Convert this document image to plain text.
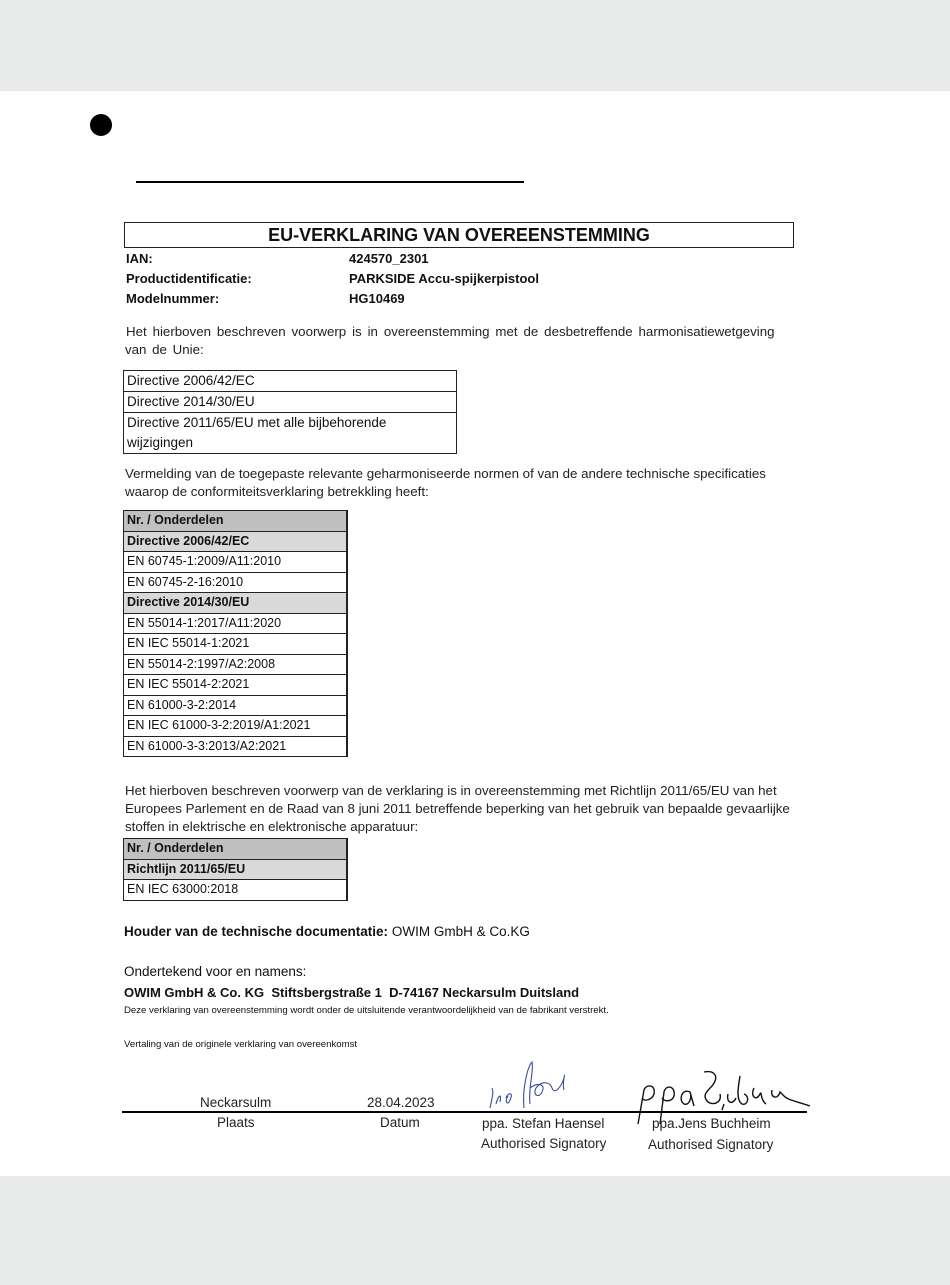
EU-VERKLARING VAN OVEREENSTEMMING
IAN:	424570_2301
Productidentificatie:	PARKSIDE Accu-spijkerpistool
Modelnummer:	HG10469
Het hierboven beschreven voorwerp is in overeenstemming met de desbetreffende harmonisatiewetgeving
van de Unie:
Directive 2006/42/EC
Directive 2014/30/EU
Directive 2011/65/EU met alle bijbehorende
wijzigingen
Vermelding van de toegepaste relevante geharmoniseerde normen of van de andere technische specificaties
waarop de conformiteitsverklaring betrekkling heeft:
Nr. / Onderdelen
Directive 2006/42/EC
EN 60745-1:2009/A11:2010
EN 60745-2-16:2010
Directive 2014/30/EU
EN 55014-1:2017/A11:2020
EN IEC 55014-1:2021
EN 55014-2:1997/A2:2008
EN IEC 55014-2:2021
EN 61000-3-2:2014
EN IEC 61000-3-2:2019/A1:2021
EN 61000-3-3:2013/A2:2021
Het hierboven beschreven voorwerp van de verklaring is in overeenstemming met Richtlijn 2011/65/EU van het
Europees Parlement en de Raad van 8 juni 2011 betreffende beperking van het gebruik van bepaalde gevaarlijke
stoffen in elektrische en elektronische apparatuur:
Nr. / Onderdelen
Richtlijn 2011/65/EU
EN IEC 63000:2018
Houder van de technische documentatie: OWIM GmbH & Co.KG
Ondertekend voor en namens:
OWIM GmbH & Co. KG  Stiftsbergstraße 1  D-74167 Neckarsulm Duitsland
Deze verklaring van overeenstemming wordt onder de uitsluitende verantwoordelijkheid van de fabrikant verstrekt.
Vertaling van de originele verklaring van overeenkomst
Neckarsulm	28.04.2023
Plaats	Datum	ppa. Stefan Haensel
Authorised Signatory
ppa.Jens Buchheim
Authorised Signatory
